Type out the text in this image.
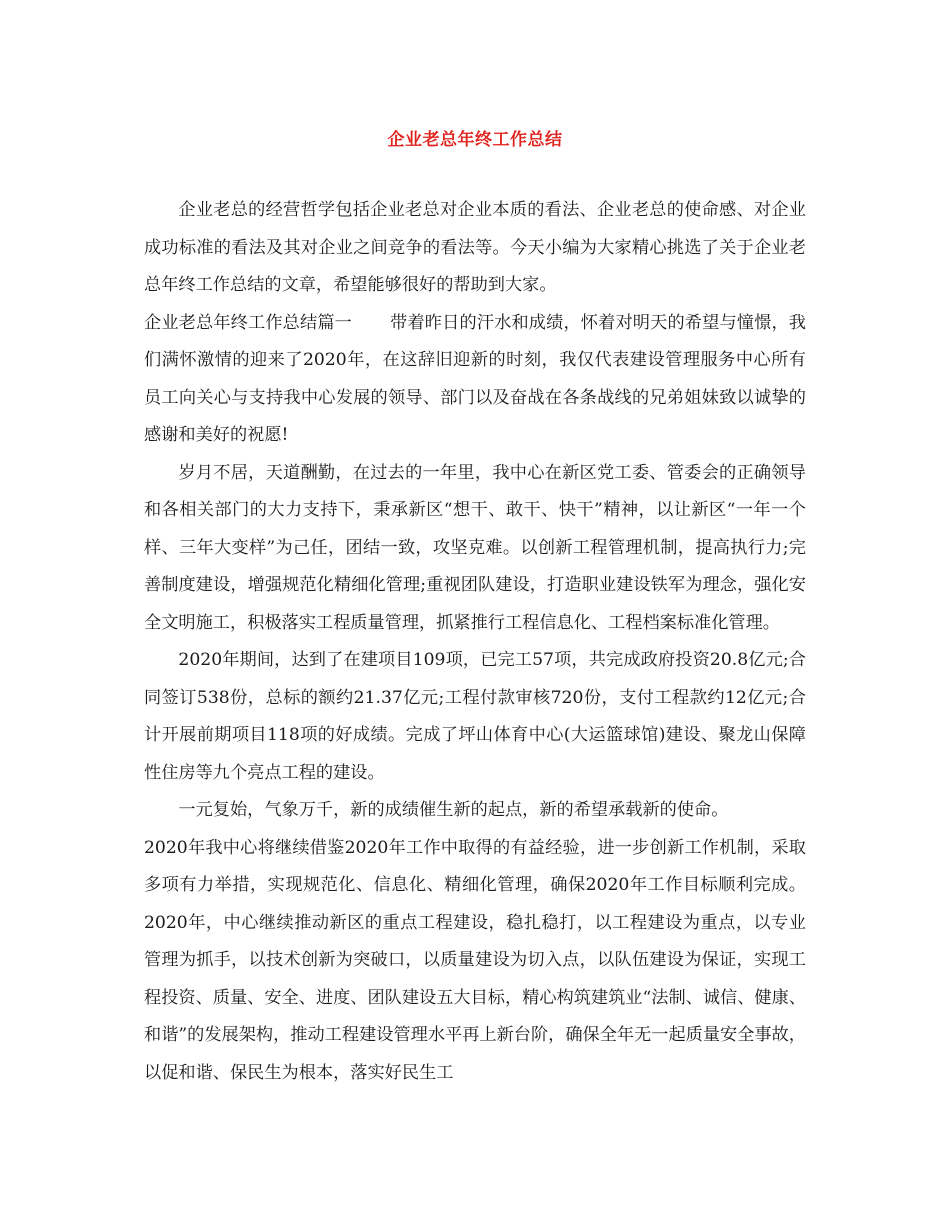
企业老总年终工作总结

企业老总的经营哲学包括企业老总对企业本质的看法、企业老总的使命感、对企业成功标准的看法及其对企业之间竞争的看法等。今天小编为大家精心挑选了关于企业老总年终工作总结的文章，希望能够很好的帮助到大家。

企业老总年终工作总结篇一 带着昨日的汗水和成绩，怀着对明天的希望与憧憬，我们满怀激情的迎来了2020年，在这辞旧迎新的时刻，我仅代表建设管理服务中心所有员工向关心与支持我中心发展的领导、部门以及奋战在各条战线的兄弟姐妹致以诚挚的感谢和美好的祝愿!

岁月不居，天道酬勤，在过去的一年里，我中心在新区党工委、管委会的正确领导和各相关部门的大力支持下，秉承新区“想干、敢干、快干”精神，以让新区“一年一个样、三年大变样”为己任，团结一致，攻坚克难。以创新工程管理机制，提高执行力;完善制度建设，增强规范化精细化管理;重视团队建设，打造职业建设铁军为理念，强化安全文明施工，积极落实工程质量管理，抓紧推行工程信息化、工程档案标准化管理。

2020年期间，达到了在建项目109项，已完工57项，共完成政府投资20.8亿元;合同签订538份，总标的额约21.37亿元;工程付款审核720份，支付工程款约12亿元;合计开展前期项目118项的好成绩。完成了坪山体育中心(大运篮球馆)建设、聚龙山保障性住房等九个亮点工程的建设。

一元复始，气象万千，新的成绩催生新的起点，新的希望承载新的使命。

2020年我中心将继续借鉴2020年工作中取得的有益经验，进一步创新工作机制，采取多项有力举措，实现规范化、信息化、精细化管理，确保2020年工作目标顺利完成。2020年，中心继续推动新区的重点工程建设，稳扎稳打，以工程建设为重点，以专业管理为抓手，以技术创新为突破口，以质量建设为切入点，以队伍建设为保证，实现工程投资、质量、安全、进度、团队建设五大目标，精心构筑建筑业“法制、诚信、健康、和谐”的发展架构，推动工程建设管理水平再上新台阶，确保全年无一起质量安全事故，以促和谐、保民生为根本，落实好民生工
